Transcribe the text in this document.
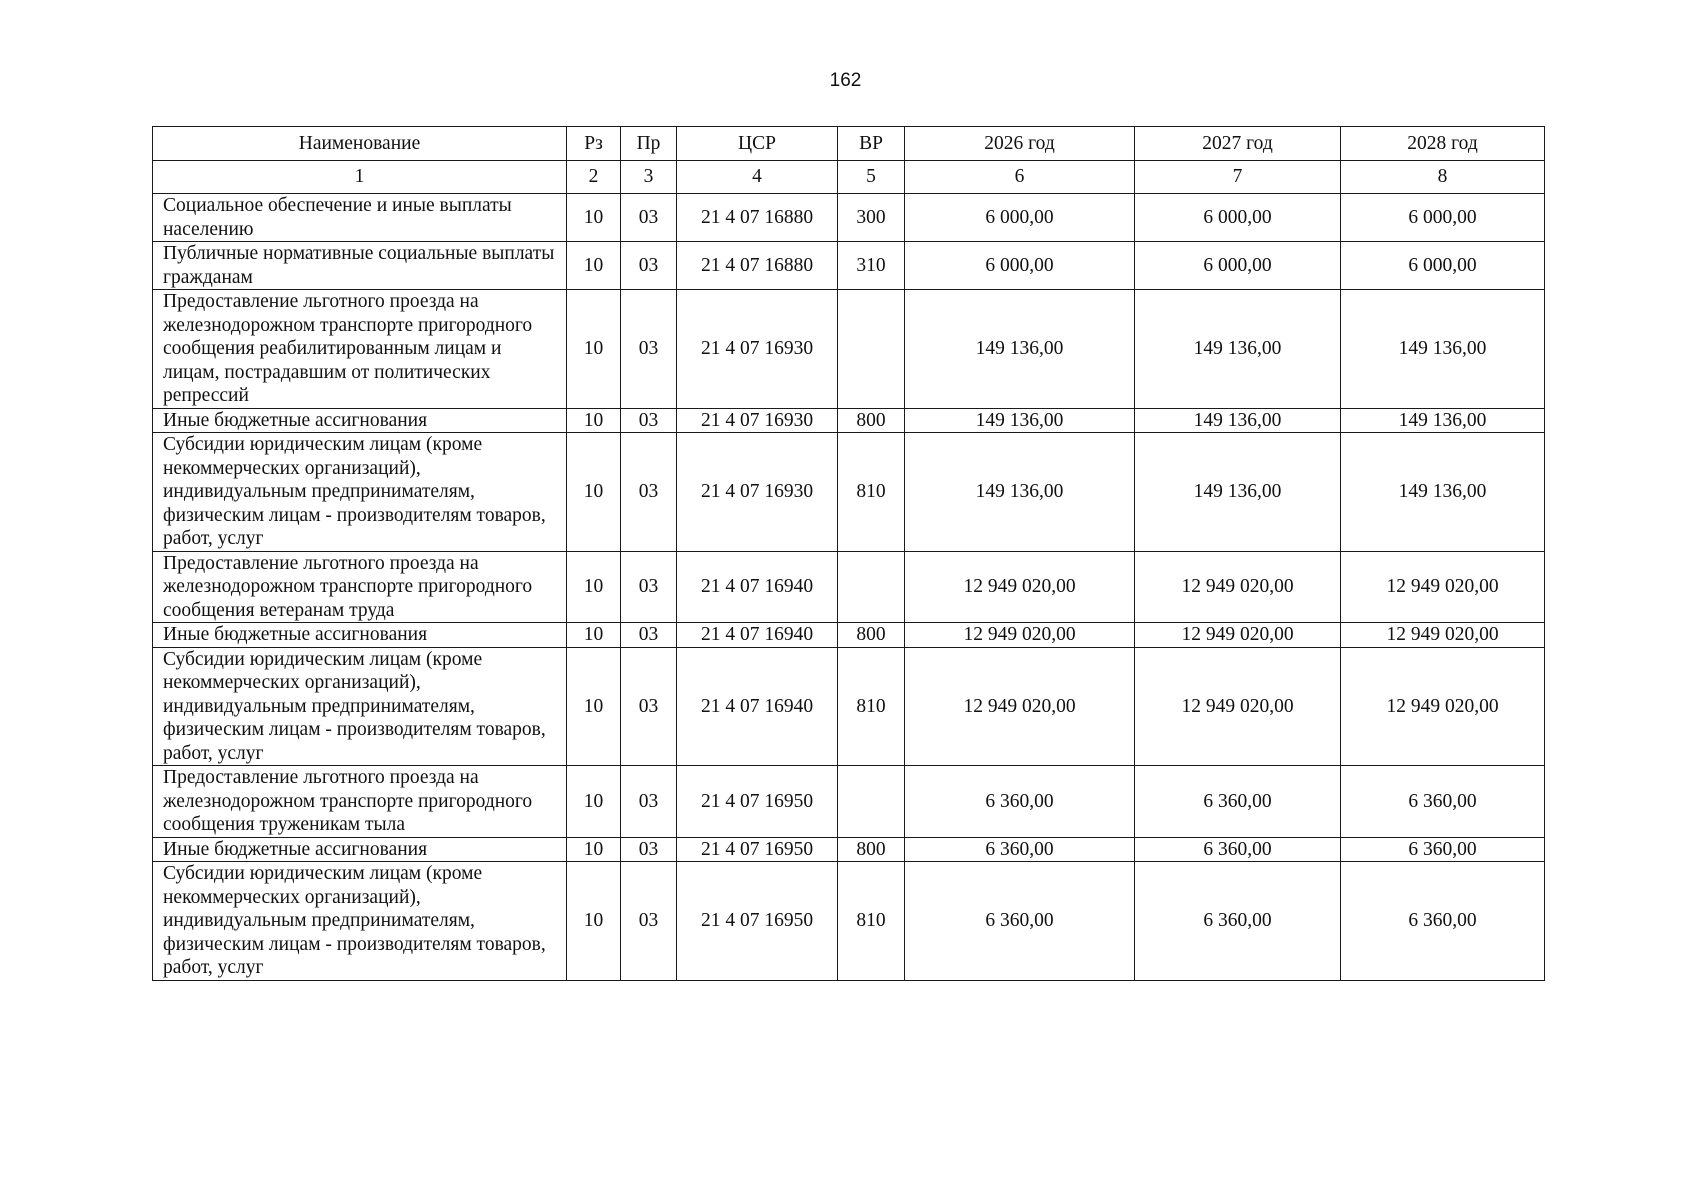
162
Наименование	Рз	Пр	ЦСР	ВР	2026 год	2027 год	2028 год
1	2	3	4	5	6	7	8
Социальное обеспечение и иные выплаты населению	10	03	21 4 07 16880	300	6 000,00	6 000,00	6 000,00
Публичные нормативные социальные выплаты гражданам	10	03	21 4 07 16880	310	6 000,00	6 000,00	6 000,00
Предоставление льготного проезда на железнодорожном транспорте пригородного сообщения реабилитированным лицам и лицам, пострадавшим от политических репрессий	10	03	21 4 07 16930		149 136,00	149 136,00	149 136,00
Иные бюджетные ассигнования	10	03	21 4 07 16930	800	149 136,00	149 136,00	149 136,00
Субсидии юридическим лицам (кроме некоммерческих организаций), индивидуальным предпринимателям, физическим лицам - производителям товаров, работ, услуг	10	03	21 4 07 16930	810	149 136,00	149 136,00	149 136,00
Предоставление льготного проезда на железнодорожном транспорте пригородного сообщения ветеранам труда	10	03	21 4 07 16940		12 949 020,00	12 949 020,00	12 949 020,00
Иные бюджетные ассигнования	10	03	21 4 07 16940	800	12 949 020,00	12 949 020,00	12 949 020,00
Субсидии юридическим лицам (кроме некоммерческих организаций), индивидуальным предпринимателям, физическим лицам - производителям товаров, работ, услуг	10	03	21 4 07 16940	810	12 949 020,00	12 949 020,00	12 949 020,00
Предоставление льготного проезда на железнодорожном транспорте пригородного сообщения труженикам тыла	10	03	21 4 07 16950		6 360,00	6 360,00	6 360,00
Иные бюджетные ассигнования	10	03	21 4 07 16950	800	6 360,00	6 360,00	6 360,00
Субсидии юридическим лицам (кроме некоммерческих организаций), индивидуальным предпринимателям, физическим лицам - производителям товаров, работ, услуг	10	03	21 4 07 16950	810	6 360,00	6 360,00	6 360,00
